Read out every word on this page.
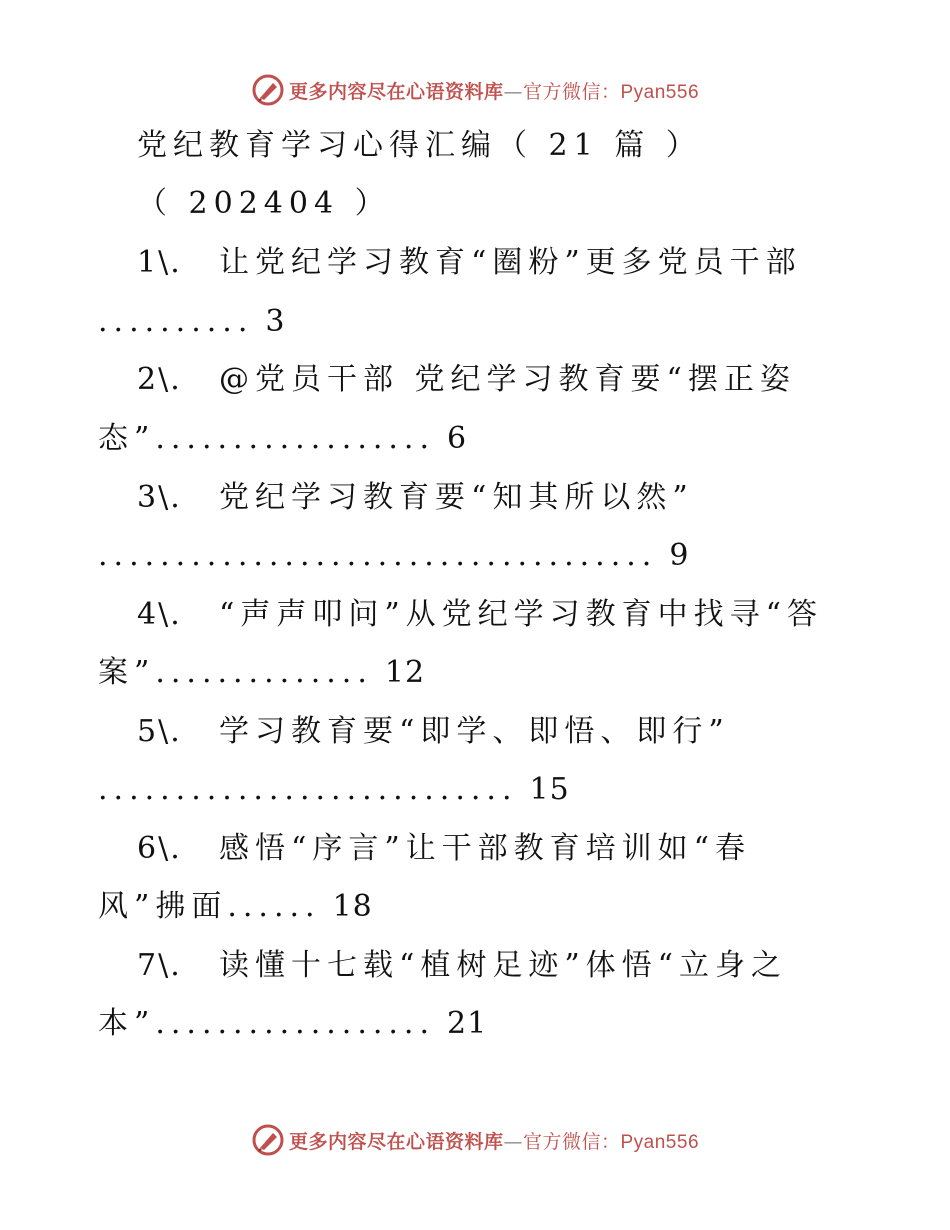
更多内容尽在心语资料库—官方微信：Pyan556
党纪教育学习心得汇编（ 21 篇 ）
（ 202404 ）
1\. 让党纪学习教育“圈粉”更多党员干部
.......... 3
2\. @党员干部 党纪学习教育要“摆正姿
态”.................. 6
3\. 党纪学习教育要“知其所以然”
.................................... 9
4\. “声声叩问”从党纪学习教育中找寻“答
案”.............. 12
5\. 学习教育要“即学、即悟、即行”
........................... 15
6\. 感悟“序言”让干部教育培训如“春
风”拂面...... 18
7\. 读懂十七载“植树足迹”体悟“立身之
本”.................. 21
更多内容尽在心语资料库—官方微信：Pyan556
